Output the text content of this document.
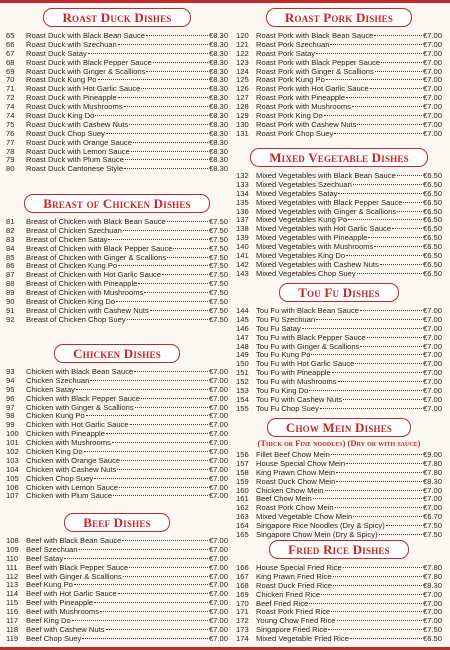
Roast Duck Dishes
65	Roast Duck with Black Bean Sauce	€8.30
66	Roast Duck with Szechuan	€8.30
67	Roast Duck Satay	€8.30
68	Roast Duck with Black Pepper Sauce	€8.30
69	Roast Duck with Ginger & Scallions	€8.30
70	Roast Duck Kung Po	€8.30
71	Roast Duck with Hot Garlic Sauce	€8.30
72	Roast Duck with Pineapple	€8.30
74	Roast Duck with Mushrooms	€8.30
74	Roast Duck King Do	€8.30
75	Roast Duck with Cashew Nuts	€8.30
76	Roast Duck Chop Suey	€8.30
77	Roast Duck with Orange Sauce	€8.30
78	Roast Duck with Lemon Sauce	€8.30
79	Roast Duck with Plum Sauce	€8.30
80	Roast Duck Cantonese Style	€8.30
Breast of Chicken Dishes
81	Breast of Chicken with Black Bean Sauce	€7.50
82	Breast of Chicken Szechuan	€7.50
83	Breast of Chicken Satay	€7.50
84	Breast of Chicken with Black Pepper Sauce	€7.50
85	Breast of Chicken with Ginger & Scallions	€7.50
86	Breast of Chicken Kung Po	€7.50
87	Breast of Chicken with Hot Garlic Sauce	€7.50
88	Breast of Chicken with Pineapple	€7.50
89	Breast of Chicken with Mushrooms	€7.50
90	Breast of Chicken King Do	€7.50
91	Breast of Chicken with Cashew Nuts	€7.50
92	Breast of Chicken Chop Suey	€7.50
Chicken Dishes
93	Chicken with Black Bean Sauce	€7.00
94	Chicken Szechuan	€7.00
95	Chicken Satay	€7.00
96	Chicken with Black Pepper Sauce	€7.00
97	Chicken with Ginger & Scallions	€7.00
98	Chicken Kung Po	€7.00
99	Chicken with Hot Garlic Sauce	€7.00
100 Chicken with Pineapple	€7.00
101 Chicken with Mushrooms	€7.00
102 Chicken King Do	€7.00
103 Chicken with Orange Sauce	€7.00
104 Chicken with Cashew Nuts	€7.00
105 Chicken Chop Suey	€7.00
106 Chicken with Lemon Sauce	€7.00
107 Chicken with Plum Sauce	€7.00
Beef Dishes
108 Beef with Black Bean Sauce	€7.00
109 Beef Szechuan	€7.00
110	Beef Satay	€7.00
111	Beef with Black Pepper Sauce	€7.00
112	Beef with Ginger & Scallions	€7.00
113	Beef Kung Po	€7.00
114	Beef with Hot Garlic Sauce	€7.00
115	Beef with Pineapple	€7.00
116	Beef with Mushrooms	€7.00
117	Beef King Do	€7.00
118	Beef with Cashew Nuts	€7.00
119	Beef Chop Suey	€7.00
Roast Pork Dishes
120 Roast Pork with Black Bean Sauce	€7.00
121 Roast Pork Szechuan	€7.00
122 Roast Pork Satay	€7.00
123 Roast Pork with Black Pepper Sauce	€7.00
124 Roast Pork with Ginger & Scallions	€7.00
125 Roast Pork Kung Po	€7.00
126 Roast Pork with Hot Garlic Sauce	€7.00
127 Roast Pork with Pineapple	€7.00
128 Roast Pork with Mushrooms	€7.00
129 Roast Pork King Do	€7.00
130 Roast Pork with Cashew Nuts	€7.00
131 Roast Pork Chop Suey	€7.00
Mixed Vegetable Dishes
132 Mixed Vegetables with Black Bean Sauce	€6.50
133 Mixed Vegetables Szechuan	€6.50
134 Mixed Vegetables Satay	€6.50
135 Mixed Vegetables with Black Pepper Sauce	€6.50
136 Mixed Vegetables with Ginger & Scallions	€6.50
137 Mixed Vegetables Kung Po	€6.50
138 Mixed Vegetables with Hot Garlic Sauce	€6.50
139 Mixed Vegetables with Pineapple	€6.50
140 Mixed Vegetables with Mushrooms	€6.50
141 Mixed Vegetables King Do	€6.50
142 Mixed Vegetables with Cashew Nuts	€6.50
143 Mixed Vegetables Chop Suey	€6.50
Tou Fu Dishes
144 Tou Fu with Black Bean Sauce	€7.00
145 Tou Fu Szechuan	€7.00
146 Tou Fu Satay	€7.00
147 Tou Fu with Black Pepper Sauce	€7.00
148 Tou Fu with Ginger & Scallions	€7.00
149 Tou Fu Kung Po	€7.00
150 Tou Fu with Hot Garlic Sauce	€7.00
151 Tou Fu with Pineapple	€7.00
152 Tou Fu with Mushrooms	€7.00
153 Tou Fu King Do	€7.00
154 Tou Fu with Cashew Nuts	€7.00
155 Tou Fu Chop Suey	€7.00
Chow Mein Dishes
(Thick or Fine noodles) (Dry or with sauce)
156 Fillet Beef Chow Mein	€9.00
157 House Special Chow Mein	€7.80
158 King Prawn Chow Mein	€7.80
159 Roast Duck Chow Mein	€8.30
160 Chicken Chow Mein	€7.00
161 Beef Chow Mein	€7.00
162 Roast Pork Chow Mein	€7.00
163 Mixed Vegetable Chow Mein	€6.70
164 Singapore Rice Noodles (Dry & Spicy)	€7.50
165 Singapore Chow Mein (Dry & Spicy)	€7.50
Fried Rice Dishes
166 House Special Fried Rice	€7.80
167 King Prawn Fried Rice	€7.80
168 Roast Duck Fried Rice	€8.30
169 Chicken Fried Rice	€7.00
170 Beef Fried Rice	€7.00
171 Roast Pork Fried Rice	€7.00
172 Young Chow Fried Rice	€7.00
173 Singapore Fried Rice	€7.50
174 Mixed Vegetable Fried Rice	€6.50
